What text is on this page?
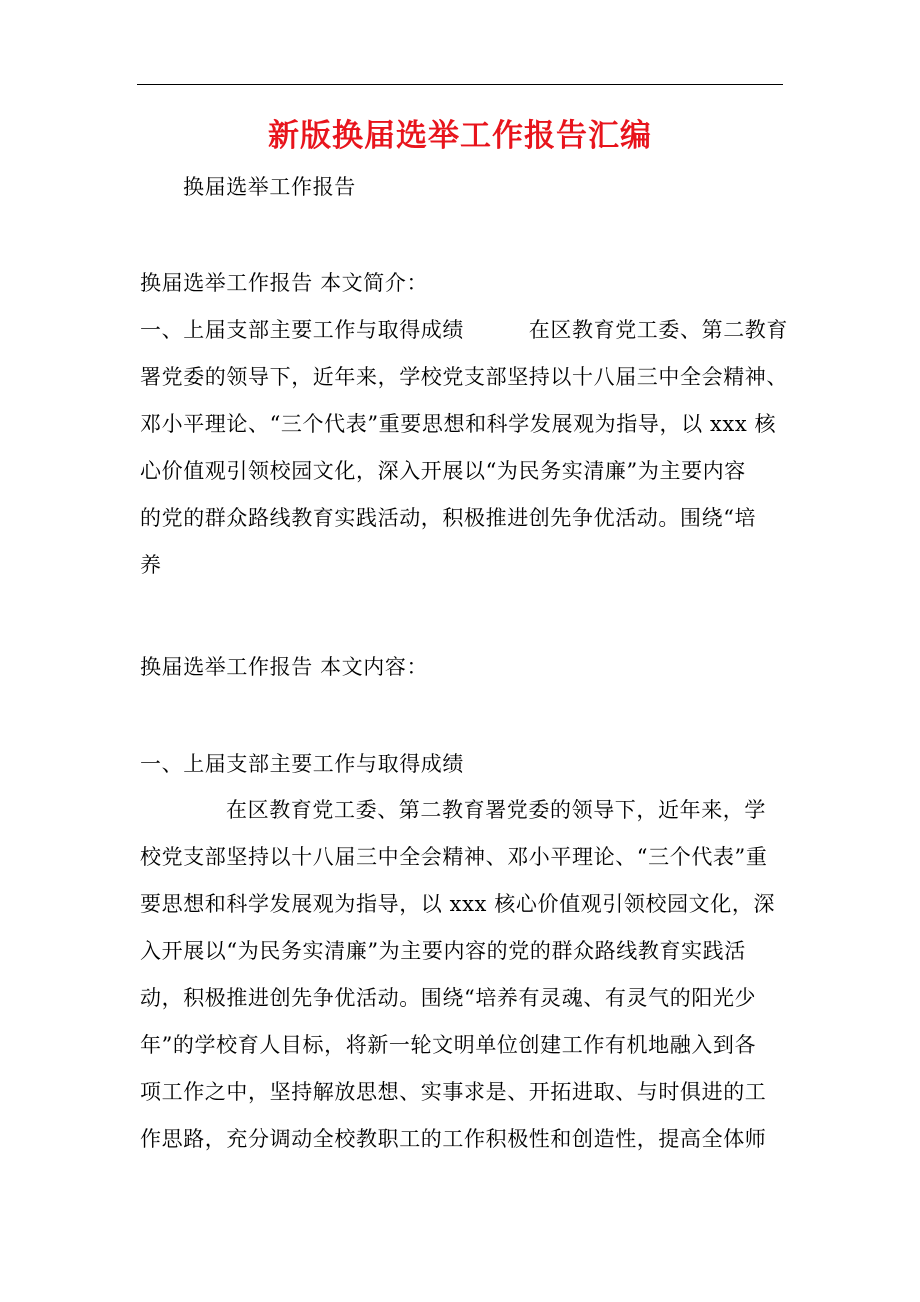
新版换届选举工作报告汇编
换届选举工作报告
换届选举工作报告 本文简介：
一、上届支部主要工作与取得成绩　　　在区教育党工委、第二教育
署党委的领导下，近年来，学校党支部坚持以十八届三中全会精神、
邓小平理论、“三个代表”重要思想和科学发展观为指导，以 xxx 核
心价值观引领校园文化，深入开展以“为民务实清廉”为主要内容
的党的群众路线教育实践活动，积极推进创先争优活动。围绕“培
养
换届选举工作报告 本文内容：
一、上届支部主要工作与取得成绩
在区教育党工委、第二教育署党委的领导下，近年来，学
校党支部坚持以十八届三中全会精神、邓小平理论、“三个代表”重
要思想和科学发展观为指导，以 xxx 核心价值观引领校园文化，深
入开展以“为民务实清廉”为主要内容的党的群众路线教育实践活
动，积极推进创先争优活动。围绕“培养有灵魂、有灵气的阳光少
年”的学校育人目标，将新一轮文明单位创建工作有机地融入到各
项工作之中，坚持解放思想、实事求是、开拓进取、与时俱进的工
作思路，充分调动全校教职工的工作积极性和创造性，提高全体师
